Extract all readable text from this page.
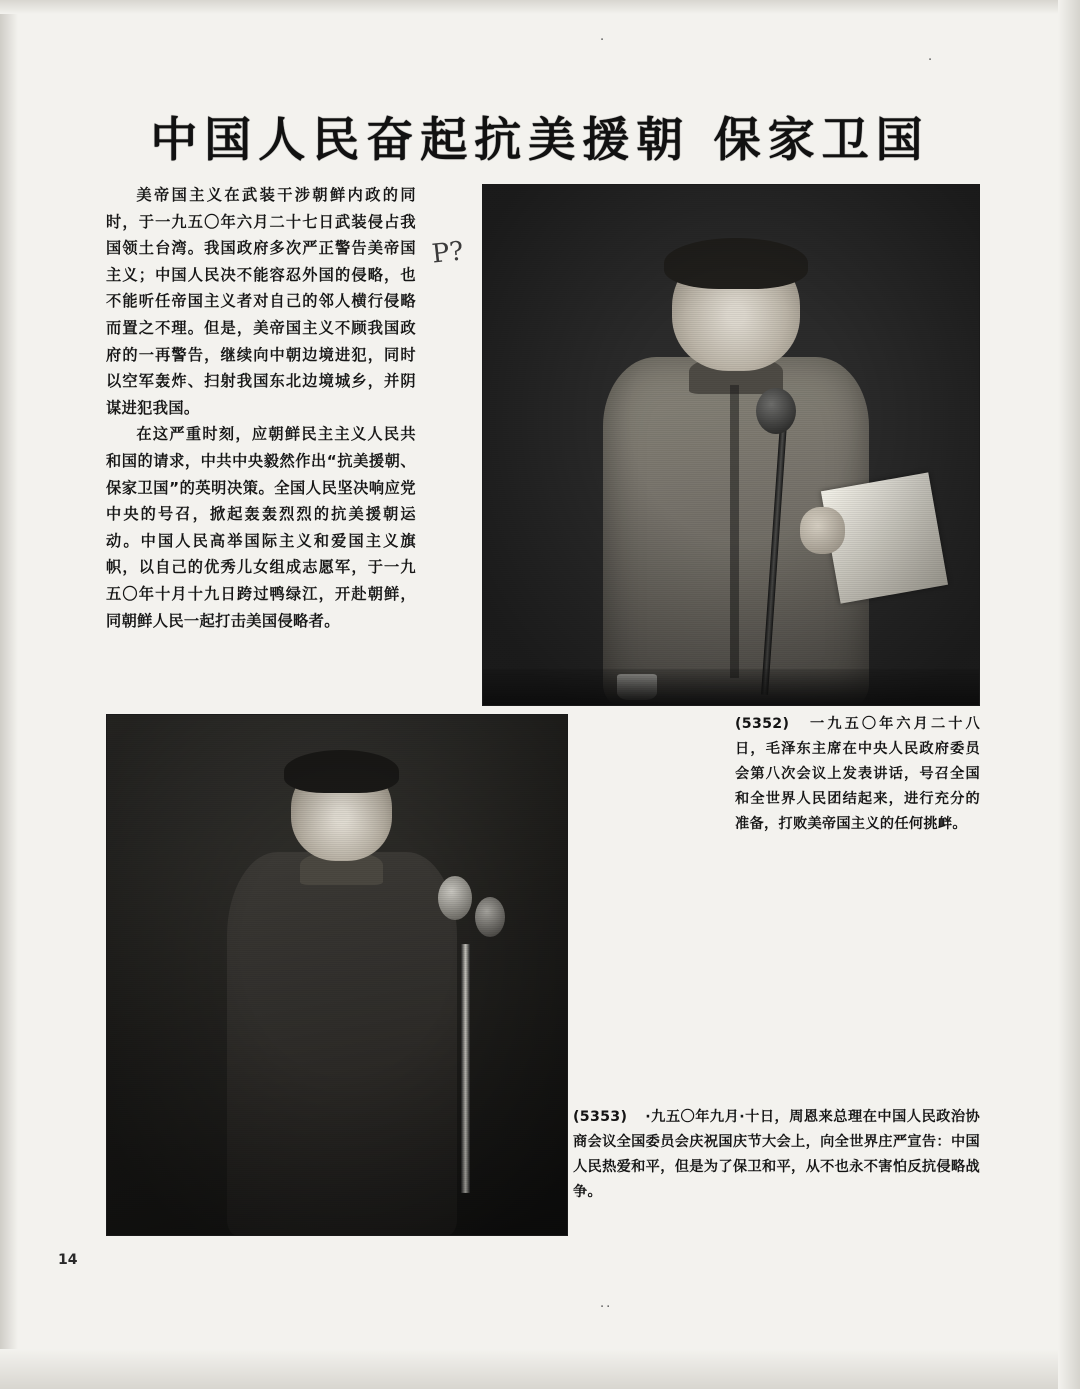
·
·
··
中国人民奋起抗美援朝 保家卫国

美帝国主义在武装干涉朝鲜内政的同时，于一九五〇年六月二十七日武装侵占我国领土台湾。我国政府多次严正警告美帝国主义；中国人民决不能容忍外国的侵略，也不能听任帝国主义者对自己的邻人横行侵略而置之不理。但是，美帝国主义不顾我国政府的一再警告，继续向中朝边境进犯，同时以空军轰炸、扫射我国东北边境城乡，并阴谋进犯我国。

在这严重时刻，应朝鲜民主主义人民共和国的请求，中共中央毅然作出“抗美援朝、保家卫国”的英明决策。全国人民坚决响应党中央的号召，掀起轰轰烈烈的抗美援朝运动。中国人民高举国际主义和爱国主义旗帜，以自己的优秀儿女组成志愿军，于一九五〇年十月十九日跨过鸭绿江，开赴朝鲜，同朝鲜人民一起打击美国侵略者。

P?
(5352) 一九五〇年六月二十八日，毛泽东主席在中央人民政府委员会第八次会议上发表讲话，号召全国和全世界人民团结起来，进行充分的准备，打败美帝国主义的任何挑衅。
(5353) ·九五〇年九月·十日，周恩来总理在中国人民政治协商会议全国委员会庆祝国庆节大会上，向全世界庄严宣告：中国人民热爱和平，但是为了保卫和平，从不也永不害怕反抗侵略战争。
14
